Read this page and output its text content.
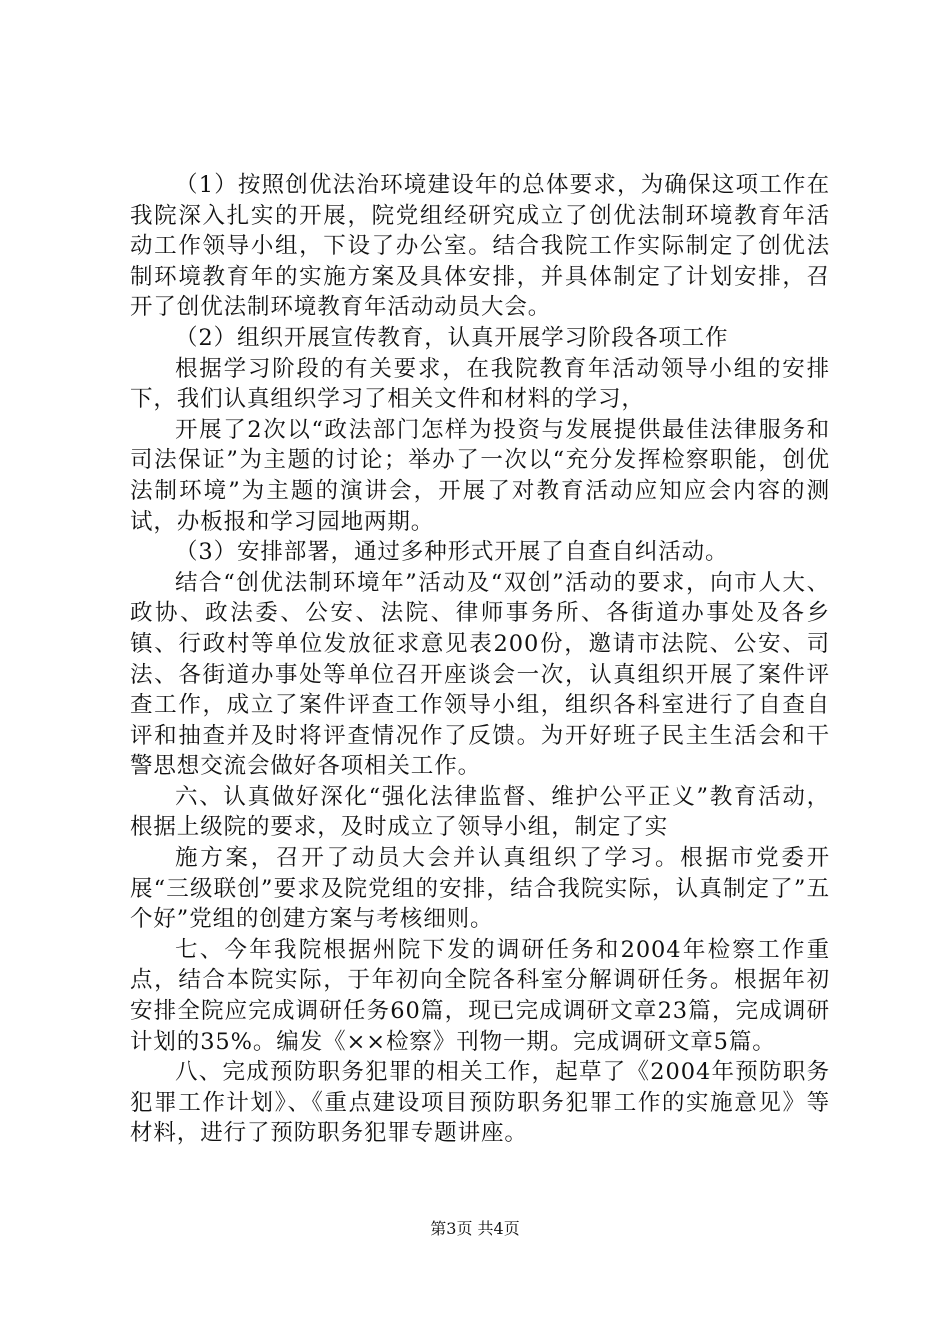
（1）按照创优法治环境建设年的总体要求，为确保这项工作在我院深入扎实的开展，院党组经研究成立了创优法制环境教育年活动工作领导小组，下设了办公室。结合我院工作实际制定了创优法制环境教育年的实施方案及具体安排，并具体制定了计划安排，召开了创优法制环境教育年活动动员大会。

（2）组织开展宣传教育，认真开展学习阶段各项工作

根据学习阶段的有关要求，在我院教育年活动领导小组的安排下，我们认真组织学习了相关文件和材料的学习，

开展了2次以“政法部门怎样为投资与发展提供最佳法律服务和司法保证”为主题的讨论；举办了一次以“充分发挥检察职能，创优法制环境”为主题的演讲会，开展了对教育活动应知应会内容的测试，办板报和学习园地两期。

（3）安排部署，通过多种形式开展了自查自纠活动。

结合“创优法制环境年”活动及“双创”活动的要求，向市人大、政协、政法委、公安、法院、律师事务所、各街道办事处及各乡镇、行政村等单位发放征求意见表200份，邀请市法院、公安、司法、各街道办事处等单位召开座谈会一次，认真组织开展了案件评查工作，成立了案件评查工作领导小组，组织各科室进行了自查自评和抽查并及时将评查情况作了反馈。为开好班子民主生活会和干警思想交流会做好各项相关工作。

六、认真做好深化“强化法律监督、维护公平正义”教育活动，根据上级院的要求，及时成立了领导小组，制定了实

施方案，召开了动员大会并认真组织了学习。根据市党委开展“三级联创”要求及院党组的安排，结合我院实际，认真制定了”五个好”党组的创建方案与考核细则。

七、今年我院根据州院下发的调研任务和2004年检察工作重点，结合本院实际，于年初向全院各科室分解调研任务。根据年初安排全院应完成调研任务60篇，现已完成调研文章23篇，完成调研计划的35%。编发《××检察》刊物一期。完成调研文章5篇。

八、完成预防职务犯罪的相关工作，起草了《2004年预防职务犯罪工作计划》、《重点建设项目预防职务犯罪工作的实施意见》等材料，进行了预防职务犯罪专题讲座。

第3页 共4页
